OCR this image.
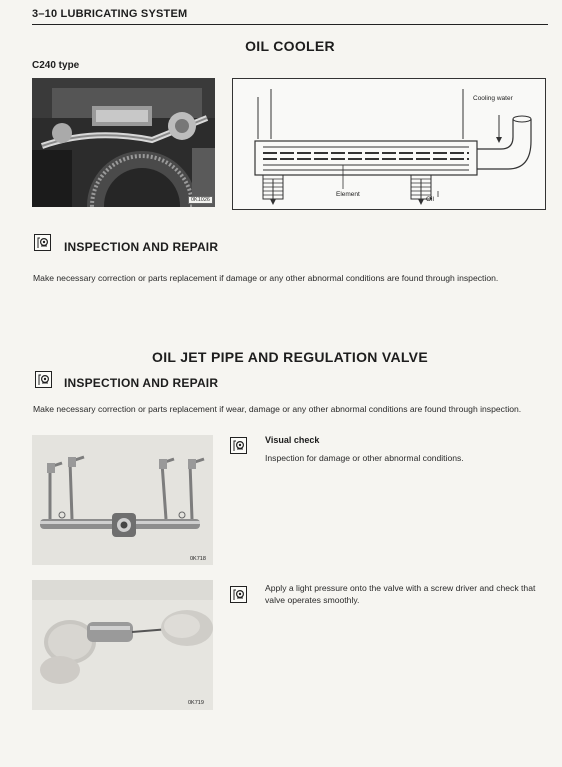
3–10 LUBRICATING SYSTEM
OIL COOLER
C240 type
0K1026
Cooling water
Element
Oil
INSPECTION AND REPAIR
Make necessary correction or parts replacement if damage or any other abnormal conditions are found through inspection.
OIL JET PIPE AND REGULATION VALVE
INSPECTION AND REPAIR
Make necessary correction or parts replacement if wear, damage or any other abnormal conditions are found through inspection.
0K718
Visual check
Inspection for damage or other abnormal conditions.
0K719
Apply a light pressure onto the valve with a screw driver and check that valve operates smoothly.
